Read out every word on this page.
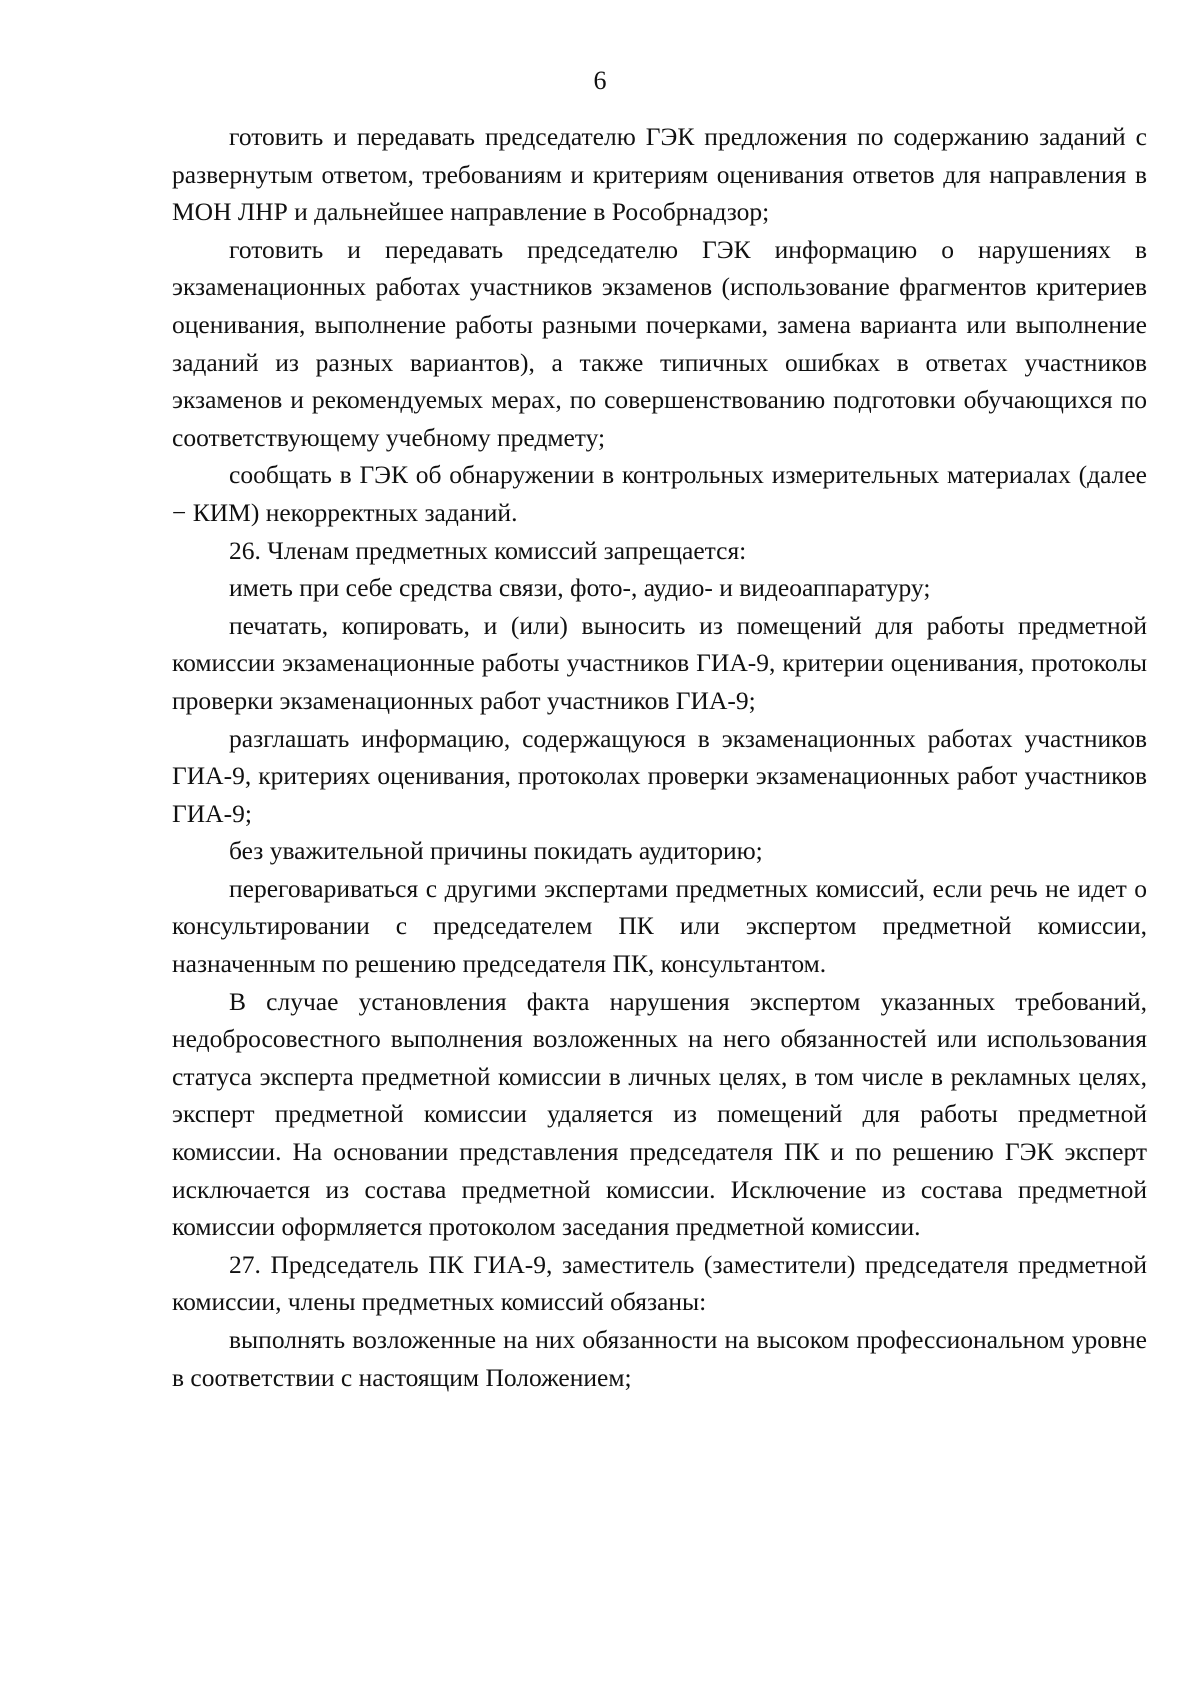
6

готовить и передавать председателю ГЭК предложения по содержанию заданий с развернутым ответом, требованиям и критериям оценивания ответов для направления в МОН ЛНР и дальнейшее направление в Рособрнадзор;

готовить и передавать председателю ГЭК информацию о нарушениях в экзаменационных работах участников экзаменов (использование фрагментов критериев оценивания, выполнение работы разными почерками, замена варианта или выполнение заданий из разных вариантов), а также типичных ошибках в ответах участников экзаменов и рекомендуемых мерах, по совершенствованию подготовки обучающихся по соответствующему учебному предмету;

сообщать в ГЭК об обнаружении в контрольных измерительных материалах (далее − КИМ) некорректных заданий.

26. Членам предметных комиссий запрещается:

иметь при себе средства связи, фото-, аудио- и видеоаппаратуру;

печатать, копировать, и (или) выносить из помещений для работы предметной комиссии экзаменационные работы участников ГИА-9, критерии оценивания, протоколы проверки экзаменационных работ участников ГИА-9;

разглашать информацию, содержащуюся в экзаменационных работах участников ГИА-9, критериях оценивания, протоколах проверки экзаменационных работ участников ГИА-9;

без уважительной причины покидать аудиторию;

переговариваться с другими экспертами предметных комиссий, если речь не идет о консультировании с председателем ПК или экспертом предметной комиссии, назначенным по решению председателя ПК, консультантом.

В случае установления факта нарушения экспертом указанных требований, недобросовестного выполнения возложенных на него обязанностей или использования статуса эксперта предметной комиссии в личных целях, в том числе в рекламных целях, эксперт предметной комиссии удаляется из помещений для работы предметной комиссии. На основании представления председателя ПК и по решению ГЭК эксперт исключается из состава предметной комиссии. Исключение из состава предметной комиссии оформляется протоколом заседания предметной комиссии.

27. Председатель ПК ГИА-9, заместитель (заместители) председателя предметной комиссии, члены предметных комиссий обязаны:

выполнять возложенные на них обязанности на высоком профессиональном уровне в соответствии с настоящим Положением;
